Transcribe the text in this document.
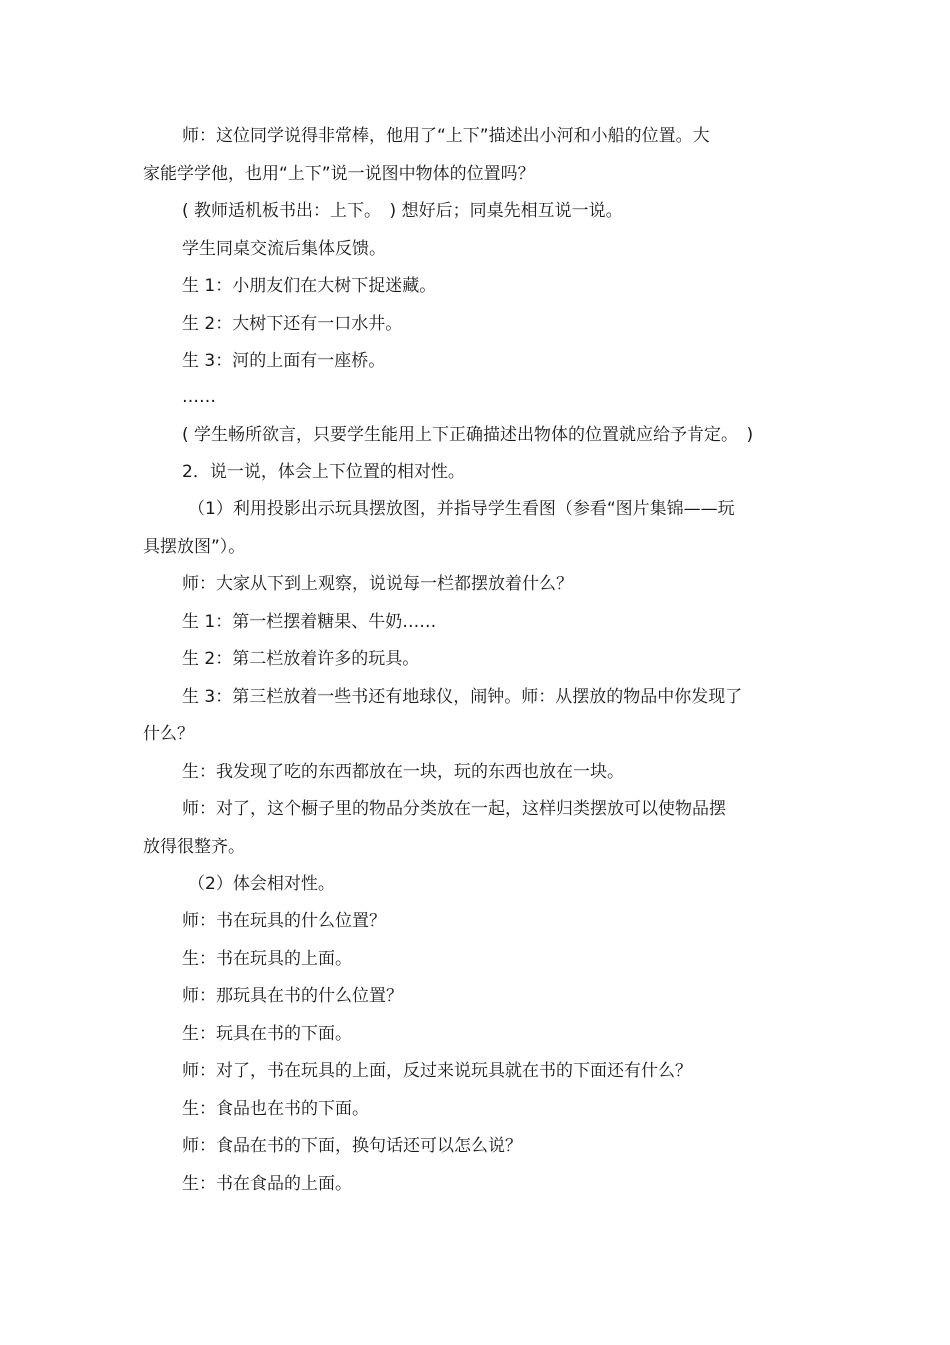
师：这位同学说得非常棒，他用了“上下”描述出小河和小船的位置。大
家能学学他，也用“上下”说一说图中物体的位置吗？
( 教师适机板书出：上下。　) 想好后；同桌先相互说一说。
学生同桌交流后集体反馈。
生 1：小朋友们在大树下捉迷藏。
生 2：大树下还有一口水井。
生 3：河的上面有一座桥。
……
( 学生畅所欲言，只要学生能用上下正确描述出物体的位置就应给予肯定。　)
2．说一说，体会上下位置的相对性。
（1）利用投影出示玩具摆放图，并指导学生看图（参看“图片集锦——玩
具摆放图”）。
师：大家从下到上观察，说说每一栏都摆放着什么？
生 1：第一栏摆着糖果、牛奶……
生 2：第二栏放着许多的玩具。
生 3：第三栏放着一些书还有地球仪，闹钟。师：从摆放的物品中你发现了
什么？
生：我发现了吃的东西都放在一块，玩的东西也放在一块。
师：对了，这个橱子里的物品分类放在一起，这样归类摆放可以使物品摆
放得很整齐。
（2）体会相对性。
师：书在玩具的什么位置？
生：书在玩具的上面。
师：那玩具在书的什么位置？
生：玩具在书的下面。
师：对了，书在玩具的上面，反过来说玩具就在书的下面还有什么？
生：食品也在书的下面。
师：食品在书的下面，换句话还可以怎么说？
生：书在食品的上面。
